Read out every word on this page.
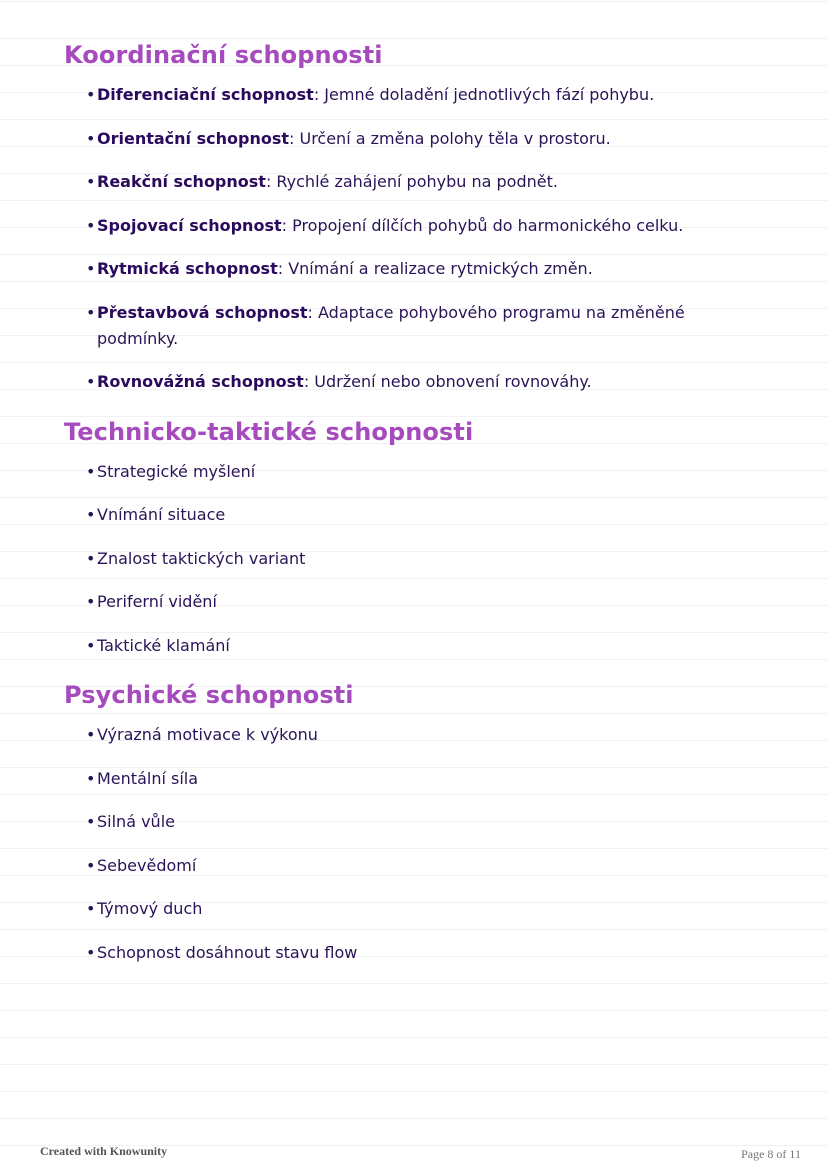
Koordinační schopnosti
•Diferenciační schopnost: Jemné doladění jednotlivých fází pohybu.
•Orientační schopnost: Určení a změna polohy těla v prostoru.
•Reakční schopnost: Rychlé zahájení pohybu na podnět.
•Spojovací schopnost: Propojení dílčích pohybů do harmonického celku.
•Rytmická schopnost: Vnímání a realizace rytmických změn.
•Přestavbová schopnost: Adaptace pohybového programu na změněné podmínky.
•Rovnovážná schopnost: Udržení nebo obnovení rovnováhy.
Technicko-taktické schopnosti
•Strategické myšlení
•Vnímání situace
•Znalost taktických variant
•Periferní vidění
•Taktické klamání
Psychické schopnosti
•Výrazná motivace k výkonu
•Mentální síla
•Silná vůle
•Sebevědomí
•Týmový duch
•Schopnost dosáhnout stavu flow
Created with Knowunity	Page 8 of 11
